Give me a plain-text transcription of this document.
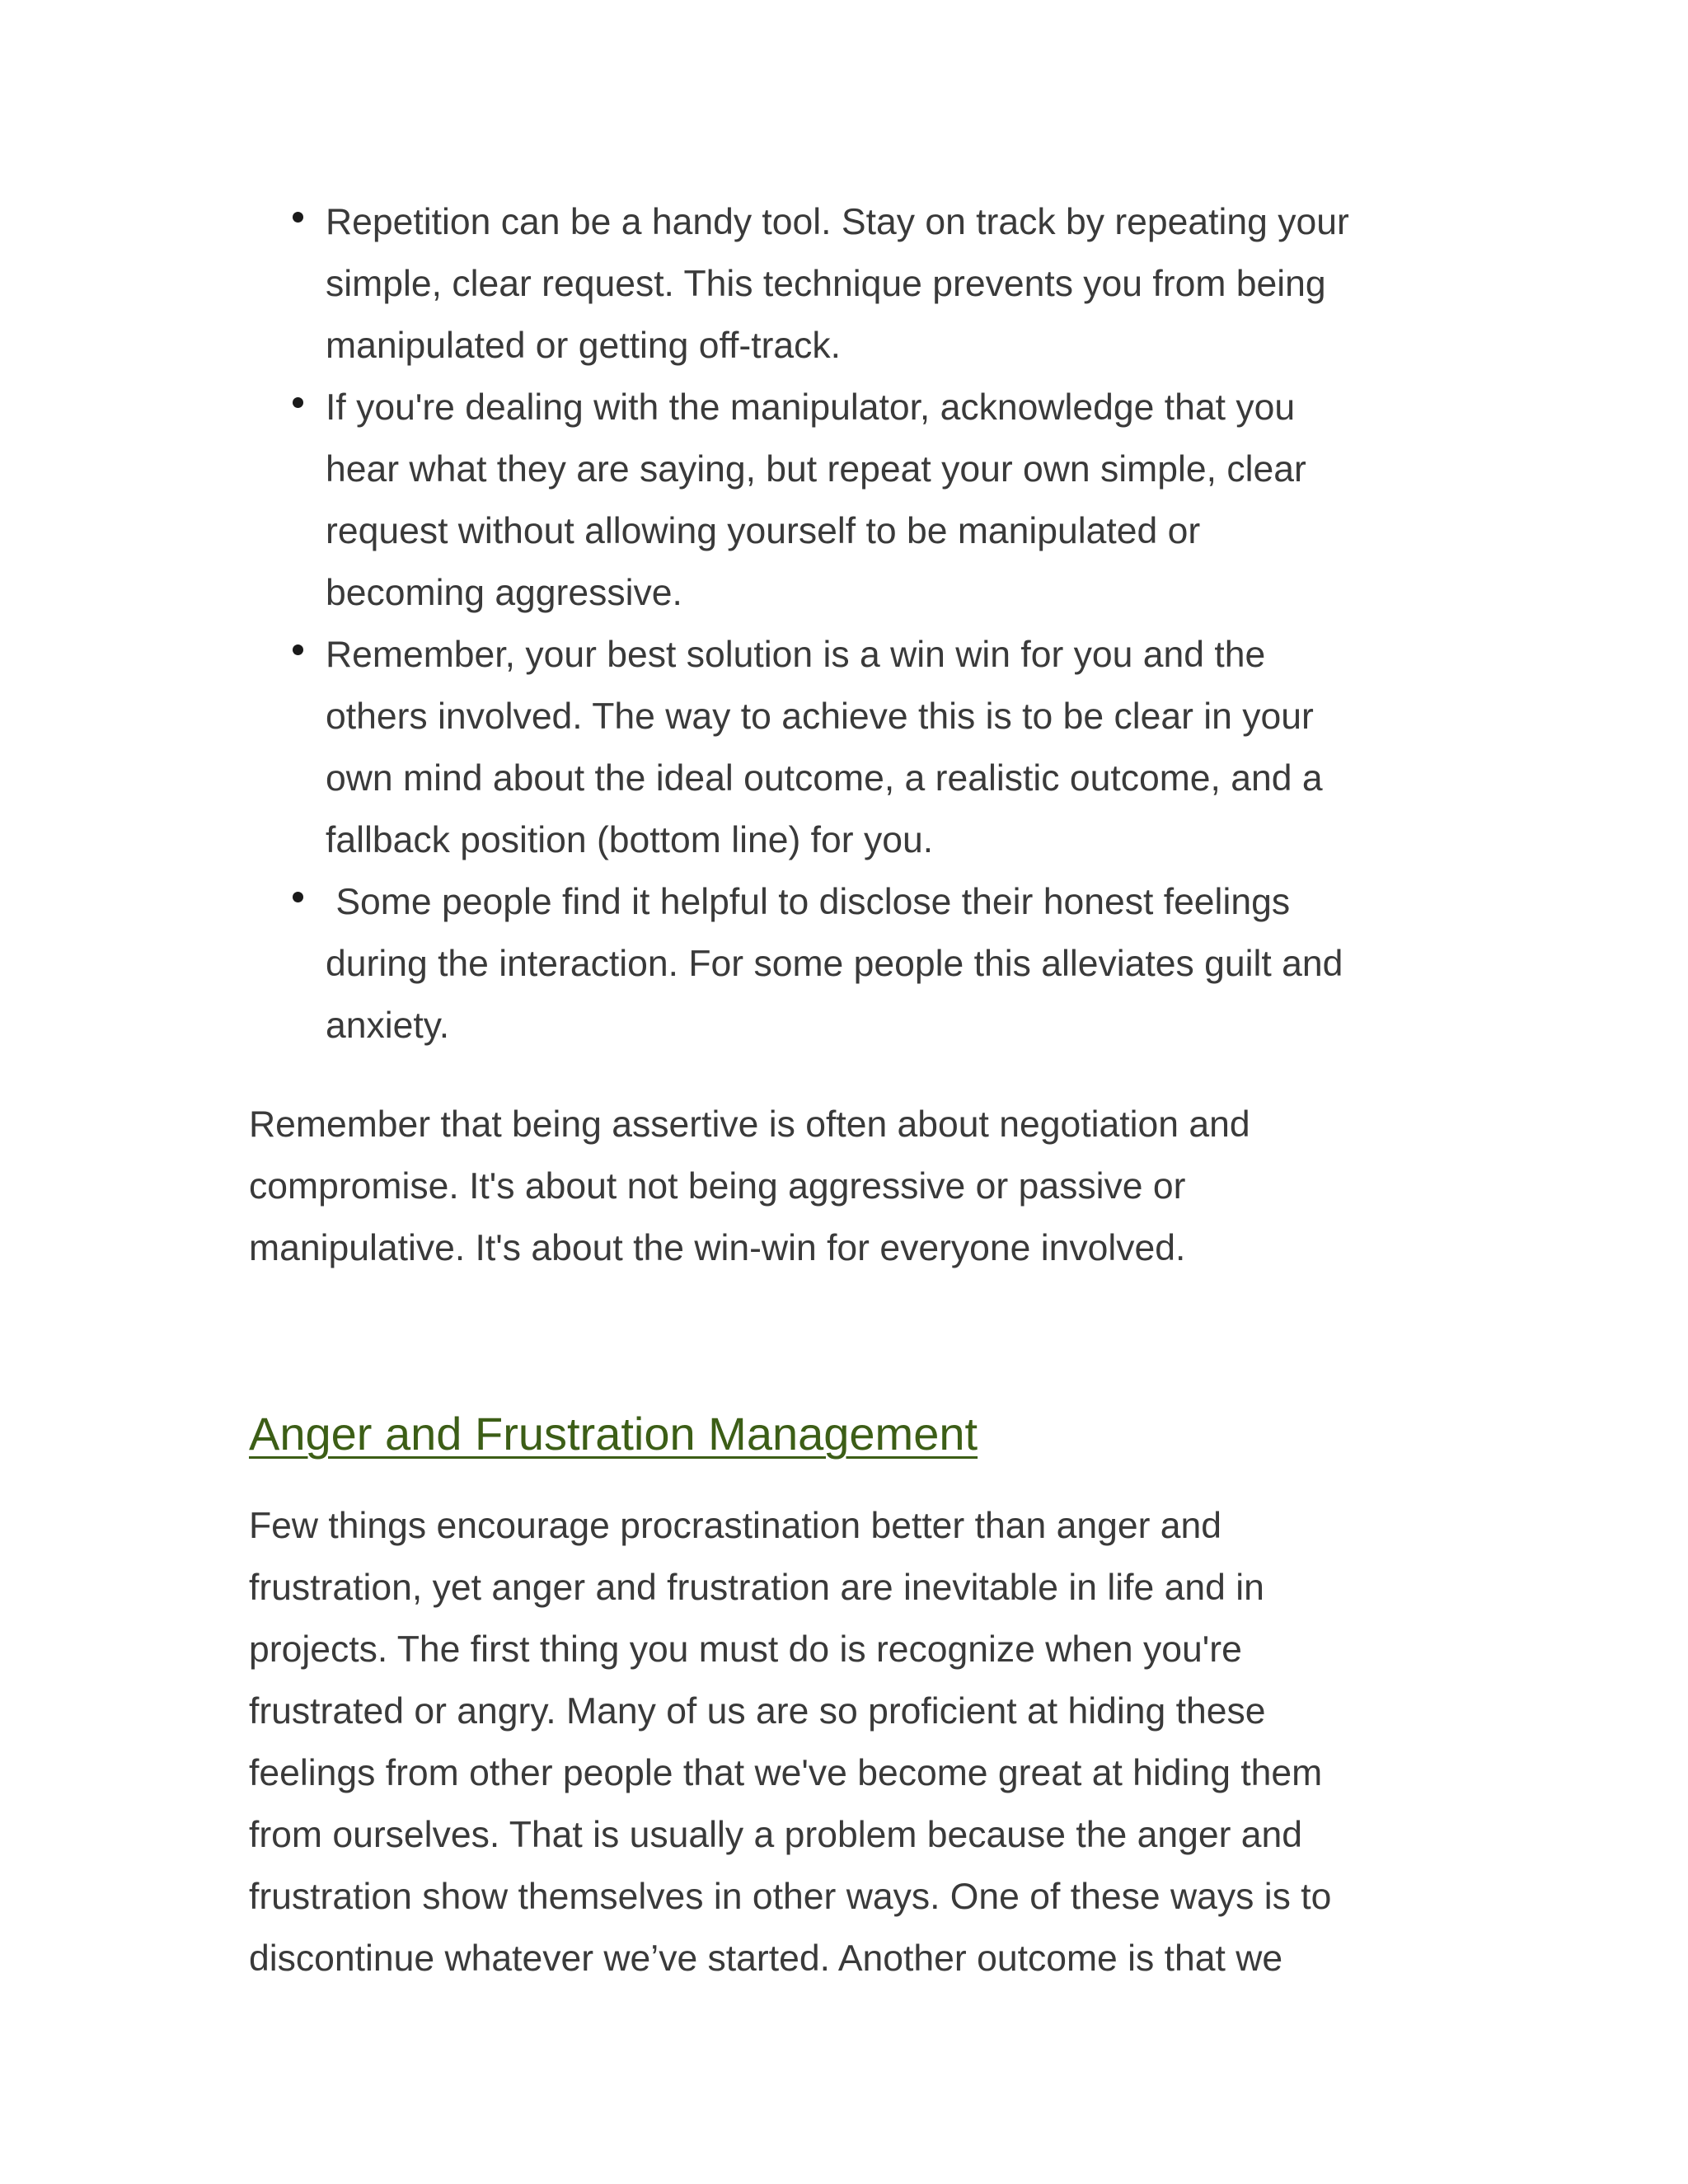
Repetition can be a handy tool. Stay on track by repeating your
simple, clear request. This technique prevents you from being
manipulated or getting off-track.
If you're dealing with the manipulator, acknowledge that you
hear what they are saying, but repeat your own simple, clear
request without allowing yourself to be manipulated or
becoming aggressive.
Remember, your best solution is a win win for you and the
others involved. The way to achieve this is to be clear in your
own mind about the ideal outcome, a realistic outcome, and a
fallback position (bottom line) for you.
Some people find it helpful to disclose their honest feelings
during the interaction. For some people this alleviates guilt and
anxiety.

Remember that being assertive is often about negotiation and
compromise. It's about not being aggressive or passive or
manipulative. It's about the win-win for everyone involved.

Anger and Frustration Management

Few things encourage procrastination better than anger and
frustration, yet anger and frustration are inevitable in life and in
projects. The first thing you must do is recognize when you're
frustrated or angry. Many of us are so proficient at hiding these
feelings from other people that we've become great at hiding them
from ourselves. That is usually a problem because the anger and
frustration show themselves in other ways. One of these ways is to
discontinue whatever we’ve started. Another outcome is that we
